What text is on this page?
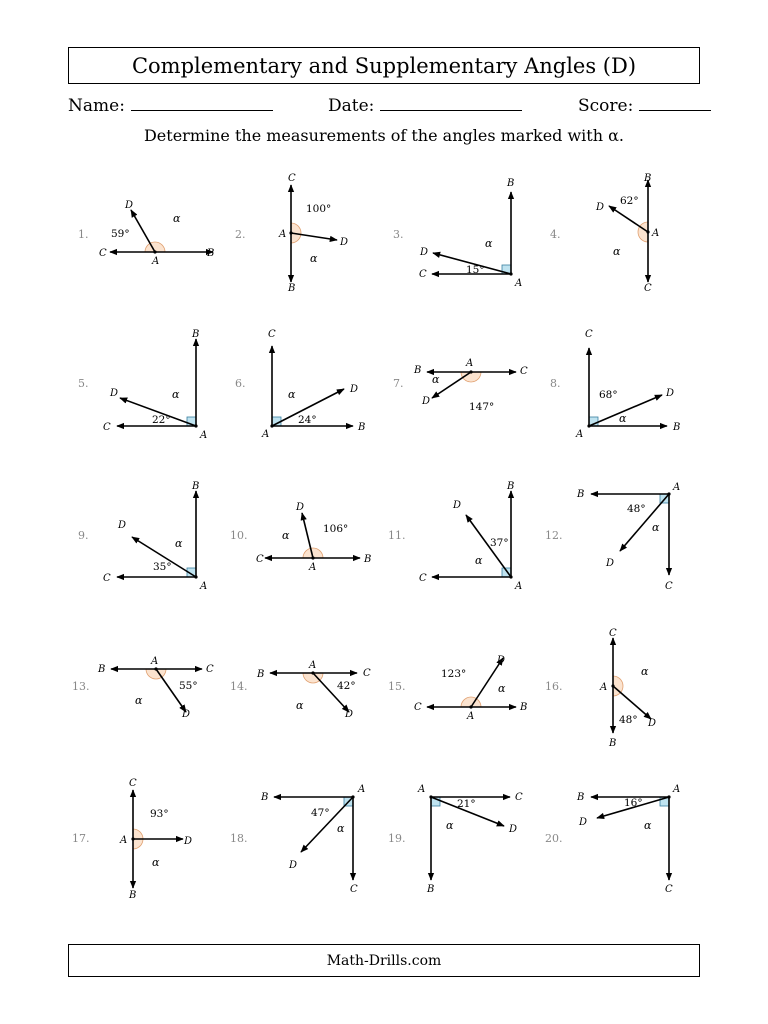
Complementary and Supplementary Angles (D)
Name:	Date:	Score:
Determine the measurements of the angles marked with α.
1.
A
B
C
D
59°
α
2.	A
B
C
D
100°
α
3.
A
B
C
D
15°
α
4.	A
B
C
D
62°
α
5.
A
B
C
D
22°
α
6.
A
B
C
D
24°
α
7.
A
B	C
D	147°
α	8.
A
B
C
D
68°
α
9.
A
B
C
D
35°
α
10.
A
B
C
D
106°
α	11.
A
B
C
D
37°
α
12.
A
B
C
D
48°
α
13.
A
B	C
D
55°
α
14.
A
B	C
D
42°
α
15.
A
B
C
D
123°
α	16.	A
B
C
D
48°
α
17.	A
B
C
D
93°
α
18.
A
B
C
D
47°
α
19.
A
B
C
D
21°
α
20.
A
B
C
D
16°
α
Math-Drills.com
